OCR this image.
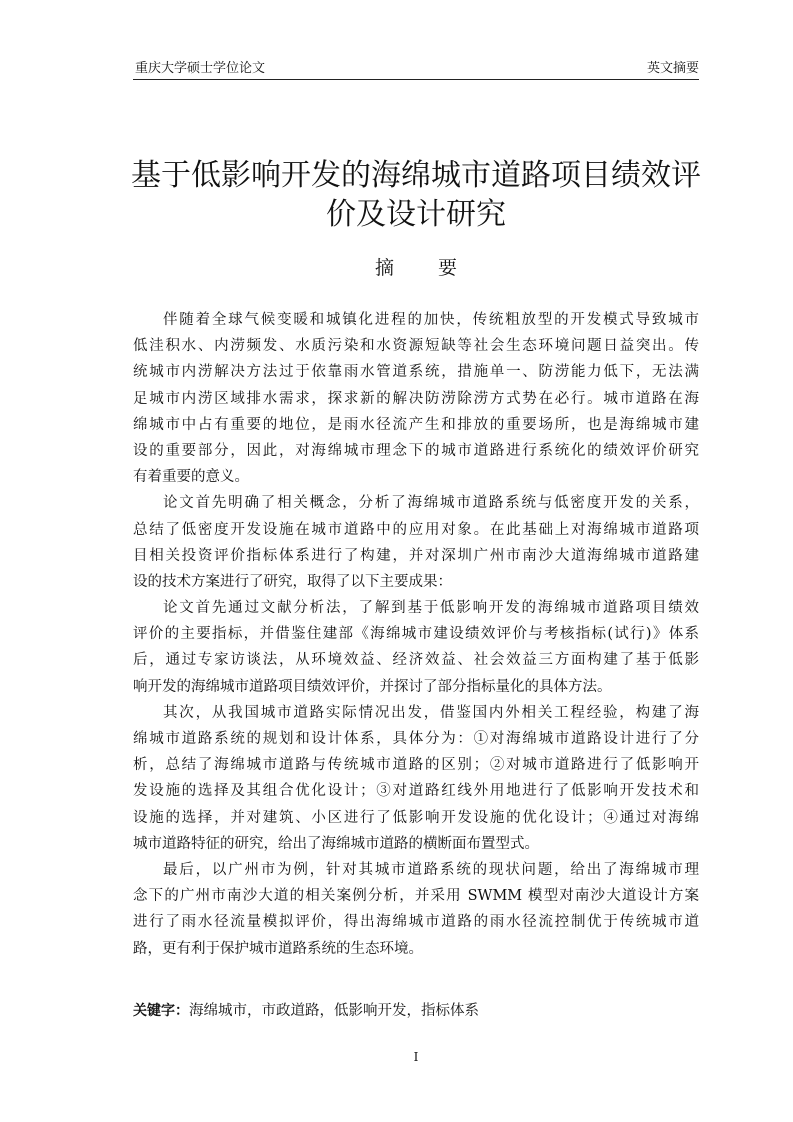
重庆大学硕士学位论文	英文摘要
基于低影响开发的海绵城市道路项目绩效评
价及设计研究
摘要

伴随着全球气候变暖和城镇化进程的加快，传统粗放型的开发模式导致城市
低洼积水、内涝频发、水质污染和水资源短缺等社会生态环境问题日益突出。传
统城市内涝解决方法过于依靠雨水管道系统，措施单一、防涝能力低下，无法满
足城市内涝区域排水需求，探求新的解决防涝除涝方式势在必行。城市道路在海
绵城市中占有重要的地位，是雨水径流产生和排放的重要场所，也是海绵城市建
设的重要部分，因此，对海绵城市理念下的城市道路进行系统化的绩效评价研究
有着重要的意义。

论文首先明确了相关概念，分析了海绵城市道路系统与低密度开发的关系，
总结了低密度开发设施在城市道路中的应用对象。在此基础上对海绵城市道路项
目相关投资评价指标体系进行了构建，并对深圳广州市南沙大道海绵城市道路建
设的技术方案进行了研究，取得了以下主要成果：

论文首先通过文献分析法，了解到基于低影响开发的海绵城市道路项目绩效
评价的主要指标，并借鉴住建部《海绵城市建设绩效评价与考核指标(试行)》体系
后，通过专家访谈法，从环境效益、经济效益、社会效益三方面构建了基于低影
响开发的海绵城市道路项目绩效评价，并探讨了部分指标量化的具体方法。

其次，从我国城市道路实际情况出发，借鉴国内外相关工程经验，构建了海
绵城市道路系统的规划和设计体系，具体分为：①对海绵城市道路设计进行了分
析，总结了海绵城市道路与传统城市道路的区别；②对城市道路进行了低影响开
发设施的选择及其组合优化设计；③对道路红线外用地进行了低影响开发技术和
设施的选择，并对建筑、小区进行了低影响开发设施的优化设计；④通过对海绵
城市道路特征的研究，给出了海绵城市道路的横断面布置型式。

最后，以广州市为例，针对其城市道路系统的现状问题，给出了海绵城市理
念下的广州市南沙大道的相关案例分析，并采用 SWMM 模型对南沙大道设计方案
进行了雨水径流量模拟评价，得出海绵城市道路的雨水径流控制优于传统城市道
路，更有利于保护城市道路系统的生态环境。

关键字：海绵城市，市政道路，低影响开发，指标体系
I
